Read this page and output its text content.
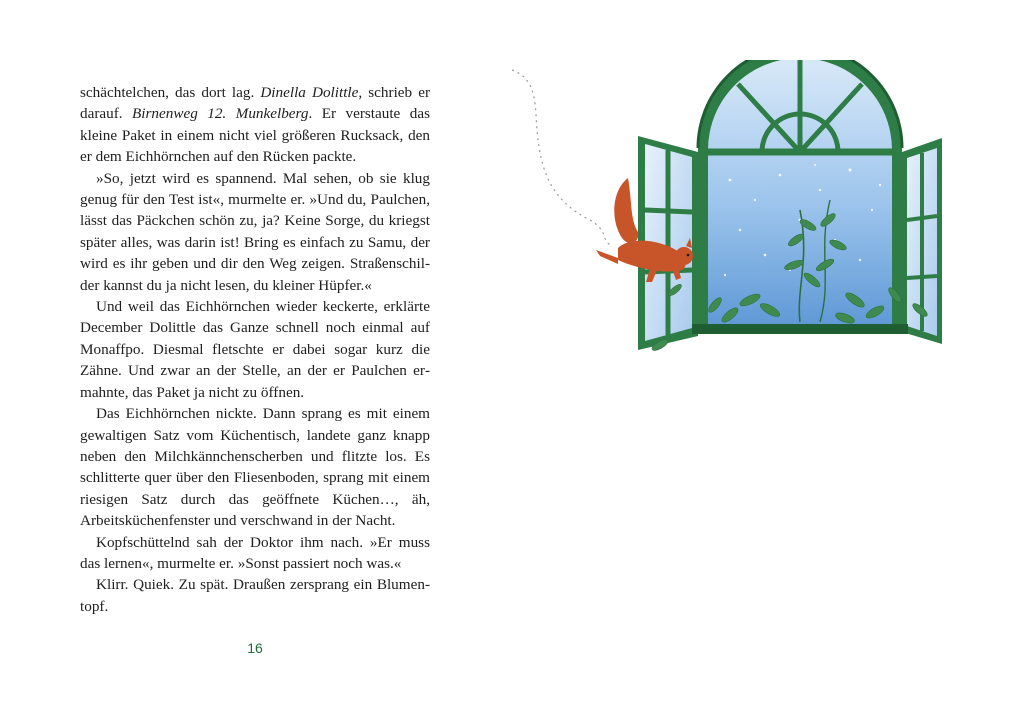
schächtelchen, das dort lag. Dinella Dolittle, schrieb er darauf. Birnenweg 12. Munkelberg. Er verstaute das kleine Paket in einem nicht viel größeren Rucksack, den er dem Eichhörnchen auf den Rücken packte.

»So, jetzt wird es spannend. Mal sehen, ob sie klug genug für den Test ist«, murmelte er. »Und du, Paulchen, lässt das Päckchen schön zu, ja? Keine Sorge, du kriegst später alles, was darin ist! Bring es einfach zu Samu, der wird es ihr geben und dir den Weg zeigen. Straßenschilder kannst du ja nicht lesen, du kleiner Hüpfer.«

Und weil das Eichhörnchen wieder keckerte, erklärte December Dolittle das Ganze schnell noch einmal auf Monaffpo. Diesmal fletschte er dabei sogar kurz die Zähne. Und zwar an der Stelle, an der er Paulchen ermahnte, das Paket ja nicht zu öffnen.

Das Eichhörnchen nickte. Dann sprang es mit einem gewaltigen Satz vom Küchentisch, landete ganz knapp neben den Milchkännchenscherben und flitzte los. Es schlitterte quer über den Fliesenboden, sprang mit einem riesigen Satz durch das geöffnete Küchen…, äh, Arbeitsküchenfenster und verschwand in der Nacht.

Kopfschüttelnd sah der Doktor ihm nach. »Er muss das lernen«, murmelte er. »Sonst passiert noch was.«

Klirr. Quiek. Zu spät. Draußen zersprang ein Blumentopf.

16
